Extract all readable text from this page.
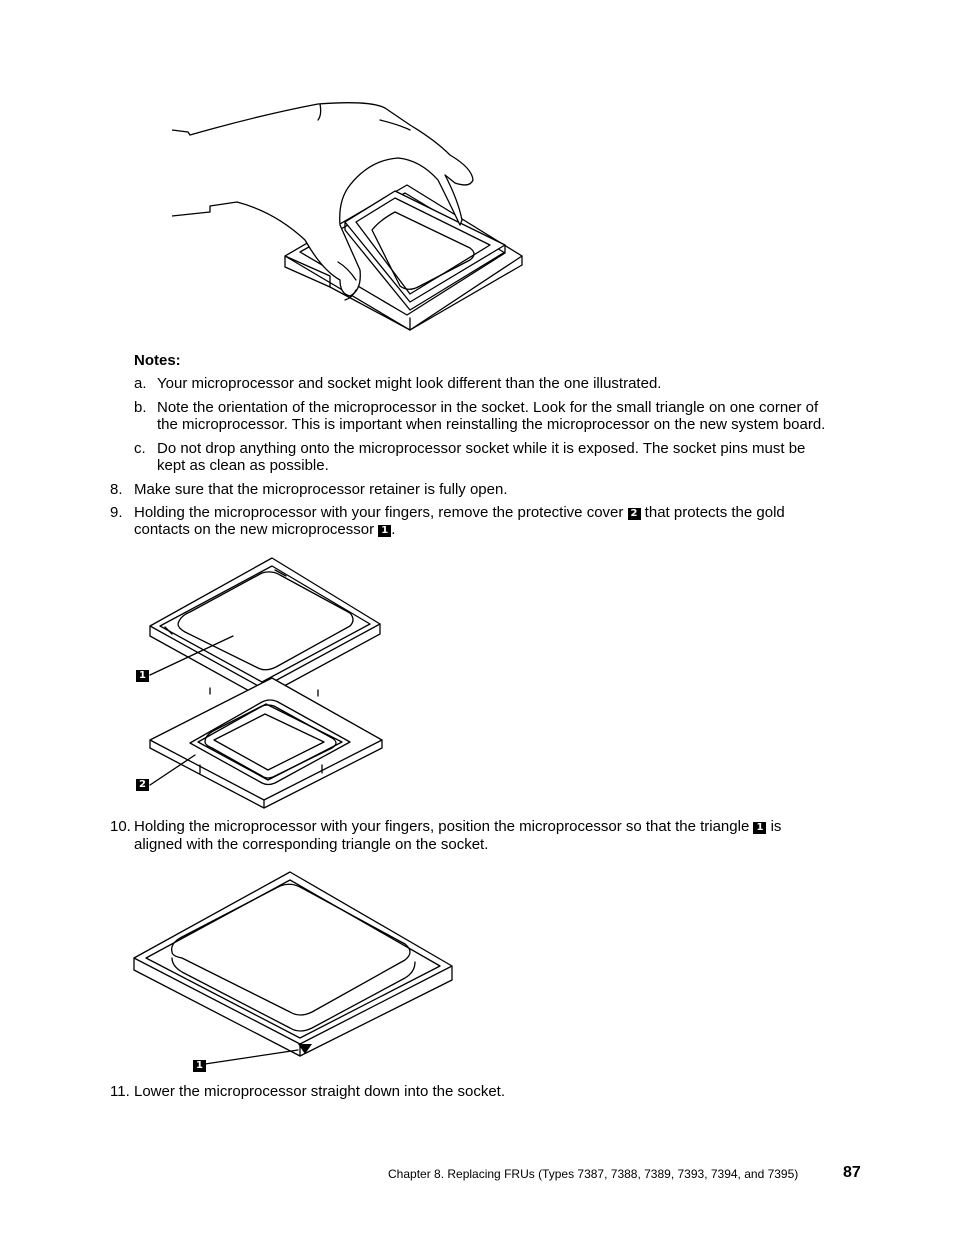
Notes:
a. Your microprocessor and socket might look different than the one illustrated.
b. Note the orientation of the microprocessor in the socket. Look for the small triangle on one corner of
the microprocessor. This is important when reinstalling the microprocessor on the new system board.
c. Do not drop anything onto the microprocessor socket while it is exposed. The socket pins must be
kept as clean as possible.
8. Make sure that the microprocessor retainer is fully open.
9. Holding the microprocessor with your fingers, remove the protective cover 2 that protects the gold
contacts on the new microprocessor 1 .
1
2
10. Holding the microprocessor with your fingers, position the microprocessor so that the triangle 1 is
aligned with the corresponding triangle on the socket.
1
11. Lower the microprocessor straight down into the socket.
Chapter 8. Replacing FRUs (Types 7387, 7388, 7389, 7393, 7394, and 7395)	87
